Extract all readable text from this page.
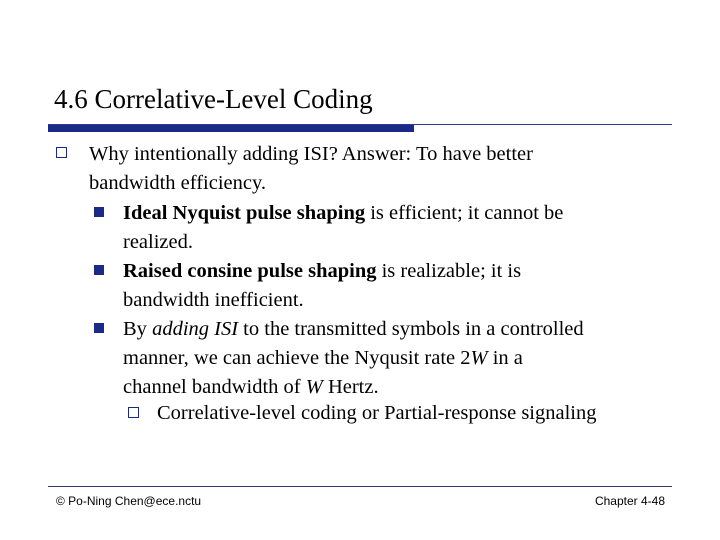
4.6 Correlative-Level Coding
Why intentionally adding ISI? Answer: To have better
bandwidth efficiency.
Ideal Nyquist pulse shaping is efficient; it cannot be
realized.
Raised consine pulse shaping is realizable; it is
bandwidth inefficient.
By adding ISI to the transmitted symbols in a controlled
manner, we can achieve the Nyqusit rate 2W in a
channel bandwidth of W Hertz.
Correlative-level coding or Partial-response signaling
© Po-Ning Chen@ece.nctu	Chapter 4-48
